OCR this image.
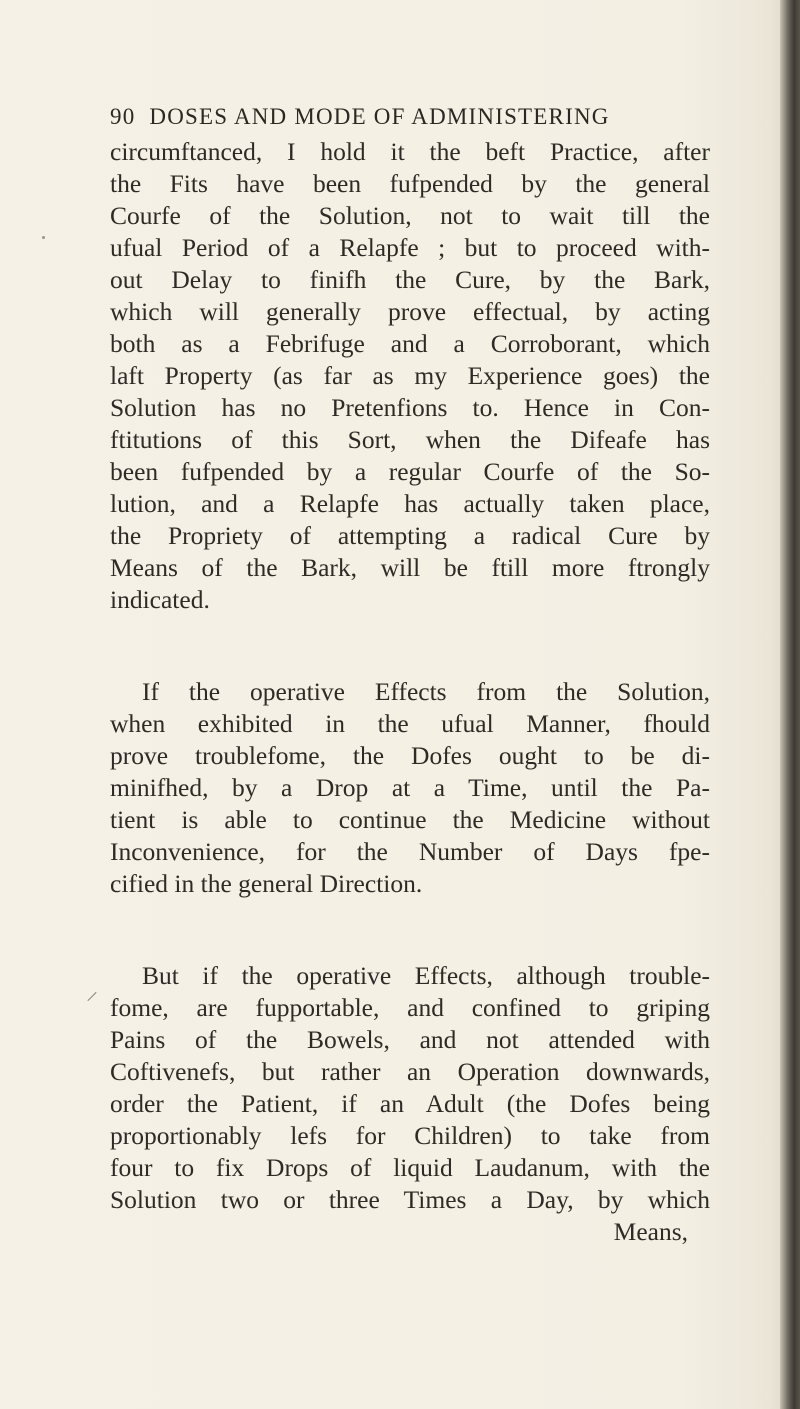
90 DOSES AND MODE OF ADMINISTERING
circumftanced, I hold it the beft Practice, after
the Fits have been fufpended by the general
Courfe of the Solution, not to wait till the
ufual Period of a Relapfe ; but to proceed with-
out Delay to finifh the Cure, by the Bark,
which will generally prove effectual, by acting
both as a Febrifuge and a Corroborant, which
laft Property (as far as my Experience goes) the
Solution has no Pretenfions to. Hence in Con-
ftitutions of this Sort, when the Difeafe has
been fufpended by a regular Courfe of the So-
lution, and a Relapfe has actually taken place,
the Propriety of attempting a radical Cure by
Means of the Bark, will be ftill more ftrongly
indicated.
If the operative Effects from the Solution,
when exhibited in the ufual Manner, fhould
prove troublefome, the Dofes ought to be di-
minifhed, by a Drop at a Time, until the Pa-
tient is able to continue the Medicine without
Inconvenience, for the Number of Days fpe-
cified in the general Direction.
But if the operative Effects, although trouble-
fome, are fupportable, and confined to griping
Pains of the Bowels, and not attended with
Coftivenefs, but rather an Operation downwards,
order the Patient, if an Adult (the Dofes being
proportionably lefs for Children) to take from
four to fix Drops of liquid Laudanum, with the
Solution two or three Times a Day, by which
Means,
